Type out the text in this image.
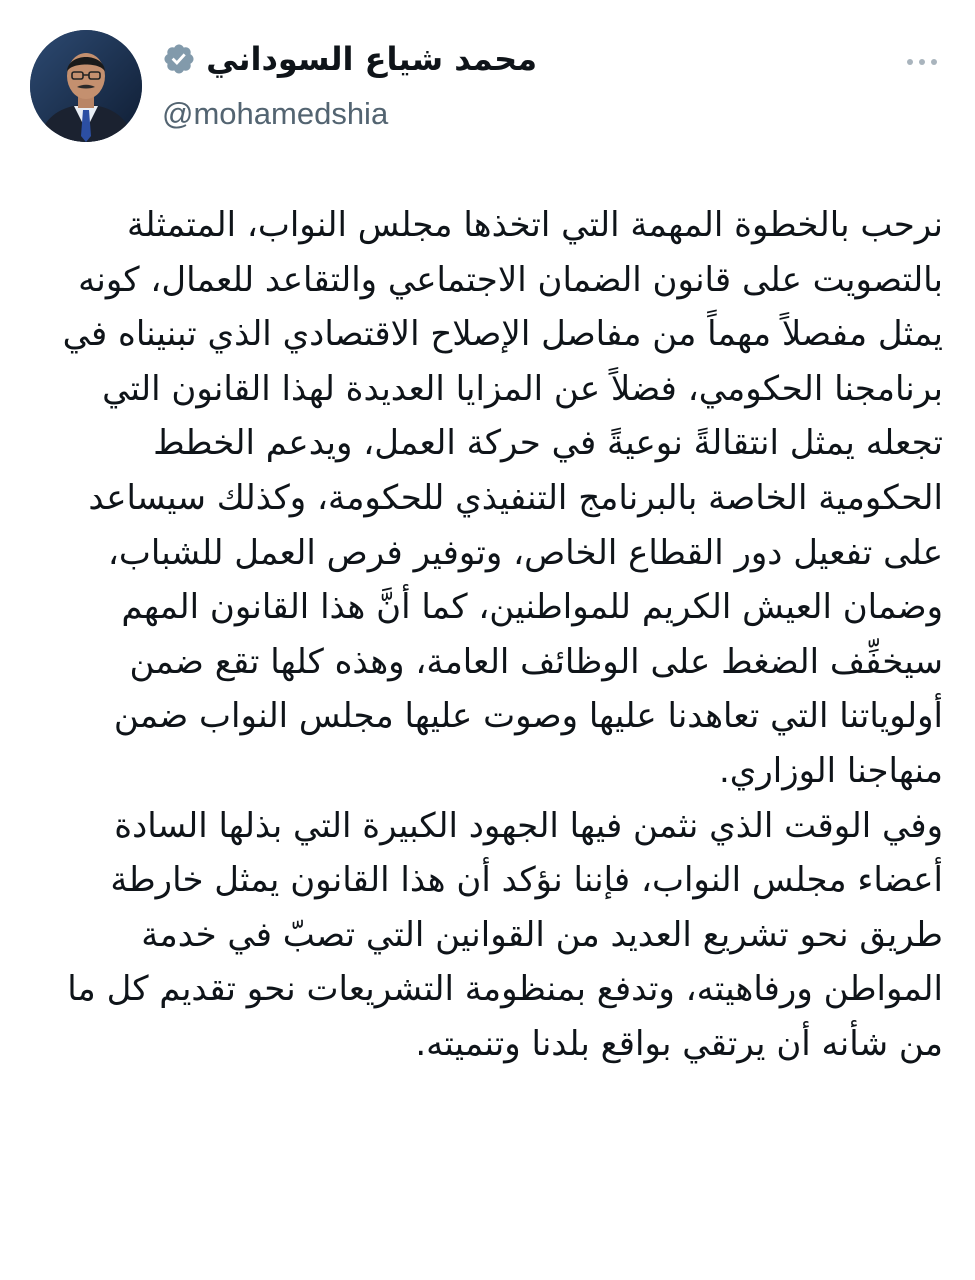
محمد شياع السوداني
@mohamedshia

نرحب بالخطوة المهمة التي اتخذها مجلس النواب، المتمثلة بالتصويت على قانون الضمان الاجتماعي والتقاعد للعمال، كونه يمثل مفصلاً مهماً من مفاصل الإصلاح الاقتصادي الذي تبنيناه في برنامجنا الحكومي، فضلاً عن المزايا العديدة لهذا القانون التي تجعله يمثل انتقالةً نوعيةً في حركة العمل، ويدعم الخطط الحكومية الخاصة بالبرنامج التنفيذي للحكومة، وكذلك سيساعد على تفعيل دور القطاع الخاص، وتوفير فرص العمل للشباب، وضمان العيش الكريم للمواطنين، كما أنَّ هذا القانون المهم سيخفِّف الضغط على الوظائف العامة، وهذه كلها تقع ضمن أولوياتنا التي تعاهدنا عليها وصوت عليها مجلس النواب ضمن منهاجنا الوزاري.

وفي الوقت الذي نثمن فيها الجهود الكبيرة التي بذلها السادة أعضاء مجلس النواب، فإننا نؤكد أن هذا القانون يمثل خارطة طريق نحو تشريع العديد من القوانين التي تصبّ في خدمة المواطن ورفاهيته، وتدفع بمنظومة التشريعات نحو تقديم كل ما من شأنه أن يرتقي بواقع بلدنا وتنميته.
